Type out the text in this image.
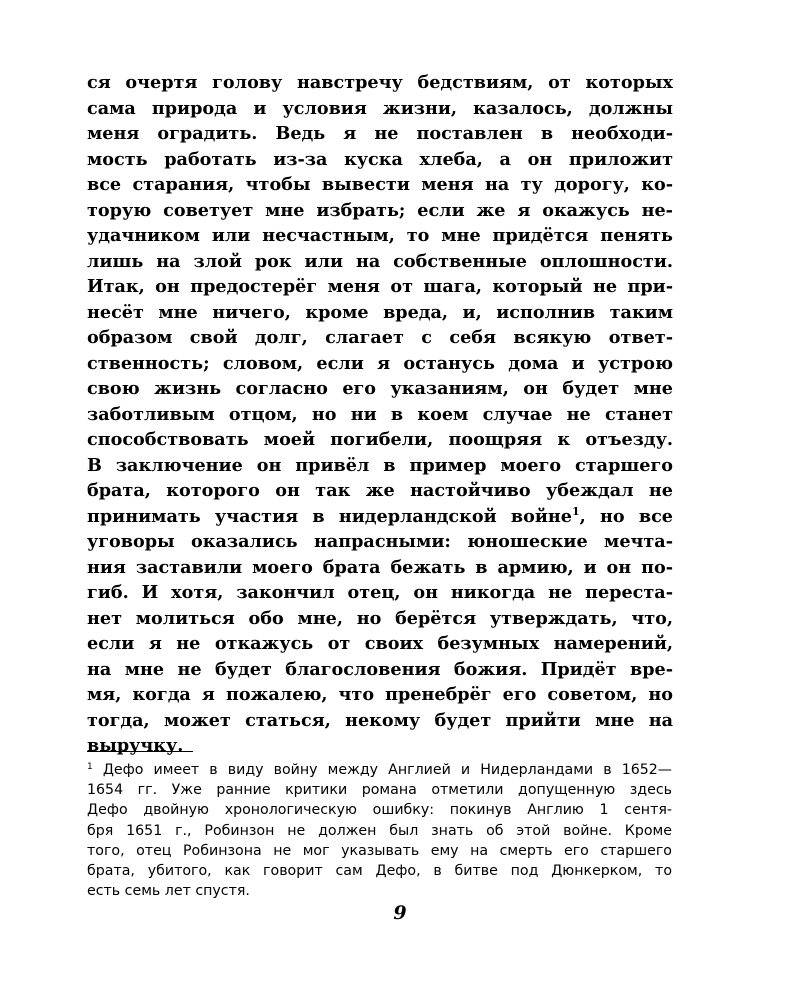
ся очертя голову навстречу бедствиям, от которых
сама природа и условия жизни, казалось, должны
меня оградить. Ведь я не поставлен в необходи-
мость работать из-за куска хлеба, а он приложит
все старания, чтобы вывести меня на ту дорогу, ко-
торую советует мне избрать; если же я окажусь не-
удачником или несчастным, то мне придётся пенять
лишь на злой рок или на собственные оплошности.
Итак, он предостерёг меня от шага, который не при-
несёт мне ничего, кроме вреда, и, исполнив таким
образом свой долг, слагает с себя всякую ответ-
ственность; словом, если я останусь дома и устрою
свою жизнь согласно его указаниям, он будет мне
заботливым отцом, но ни в коем случае не станет
способствовать моей погибели, поощряя к отъезду.
В заключение он привёл в пример моего старшего
брата, которого он так же настойчиво убеждал не
принимать участия в нидерландской войне$^1$, но все
уговоры оказались напрасными: юношеские мечта-
ния заставили моего брата бежать в армию, и он по-
гиб. И хотя, закончил отец, он никогда не переста-
нет молиться обо мне, но берётся утверждать, что,
если я не откажусь от своих безумных намерений,
на мне не будет благословения божия. Придёт вре-
мя, когда я пожалею, что пренебрёг его советом, но
тогда, может статься, некому будет прийти мне на
выручку.
$^1$ Дефо имеет в виду войну между Англией и Нидерландами в 1652—
1654 гг. Уже ранние критики романа отметили допущенную здесь
Дефо двойную хронологическую ошибку: покинув Англию 1 сентя-
бря 1651 г., Робинзон не должен был знать об этой войне. Кроме
того, отец Робинзона не мог указывать ему на смерть его старшего
брата, убитого, как говорит сам Дефо, в битве под Дюнкерком, то
есть семь лет спустя.
9
